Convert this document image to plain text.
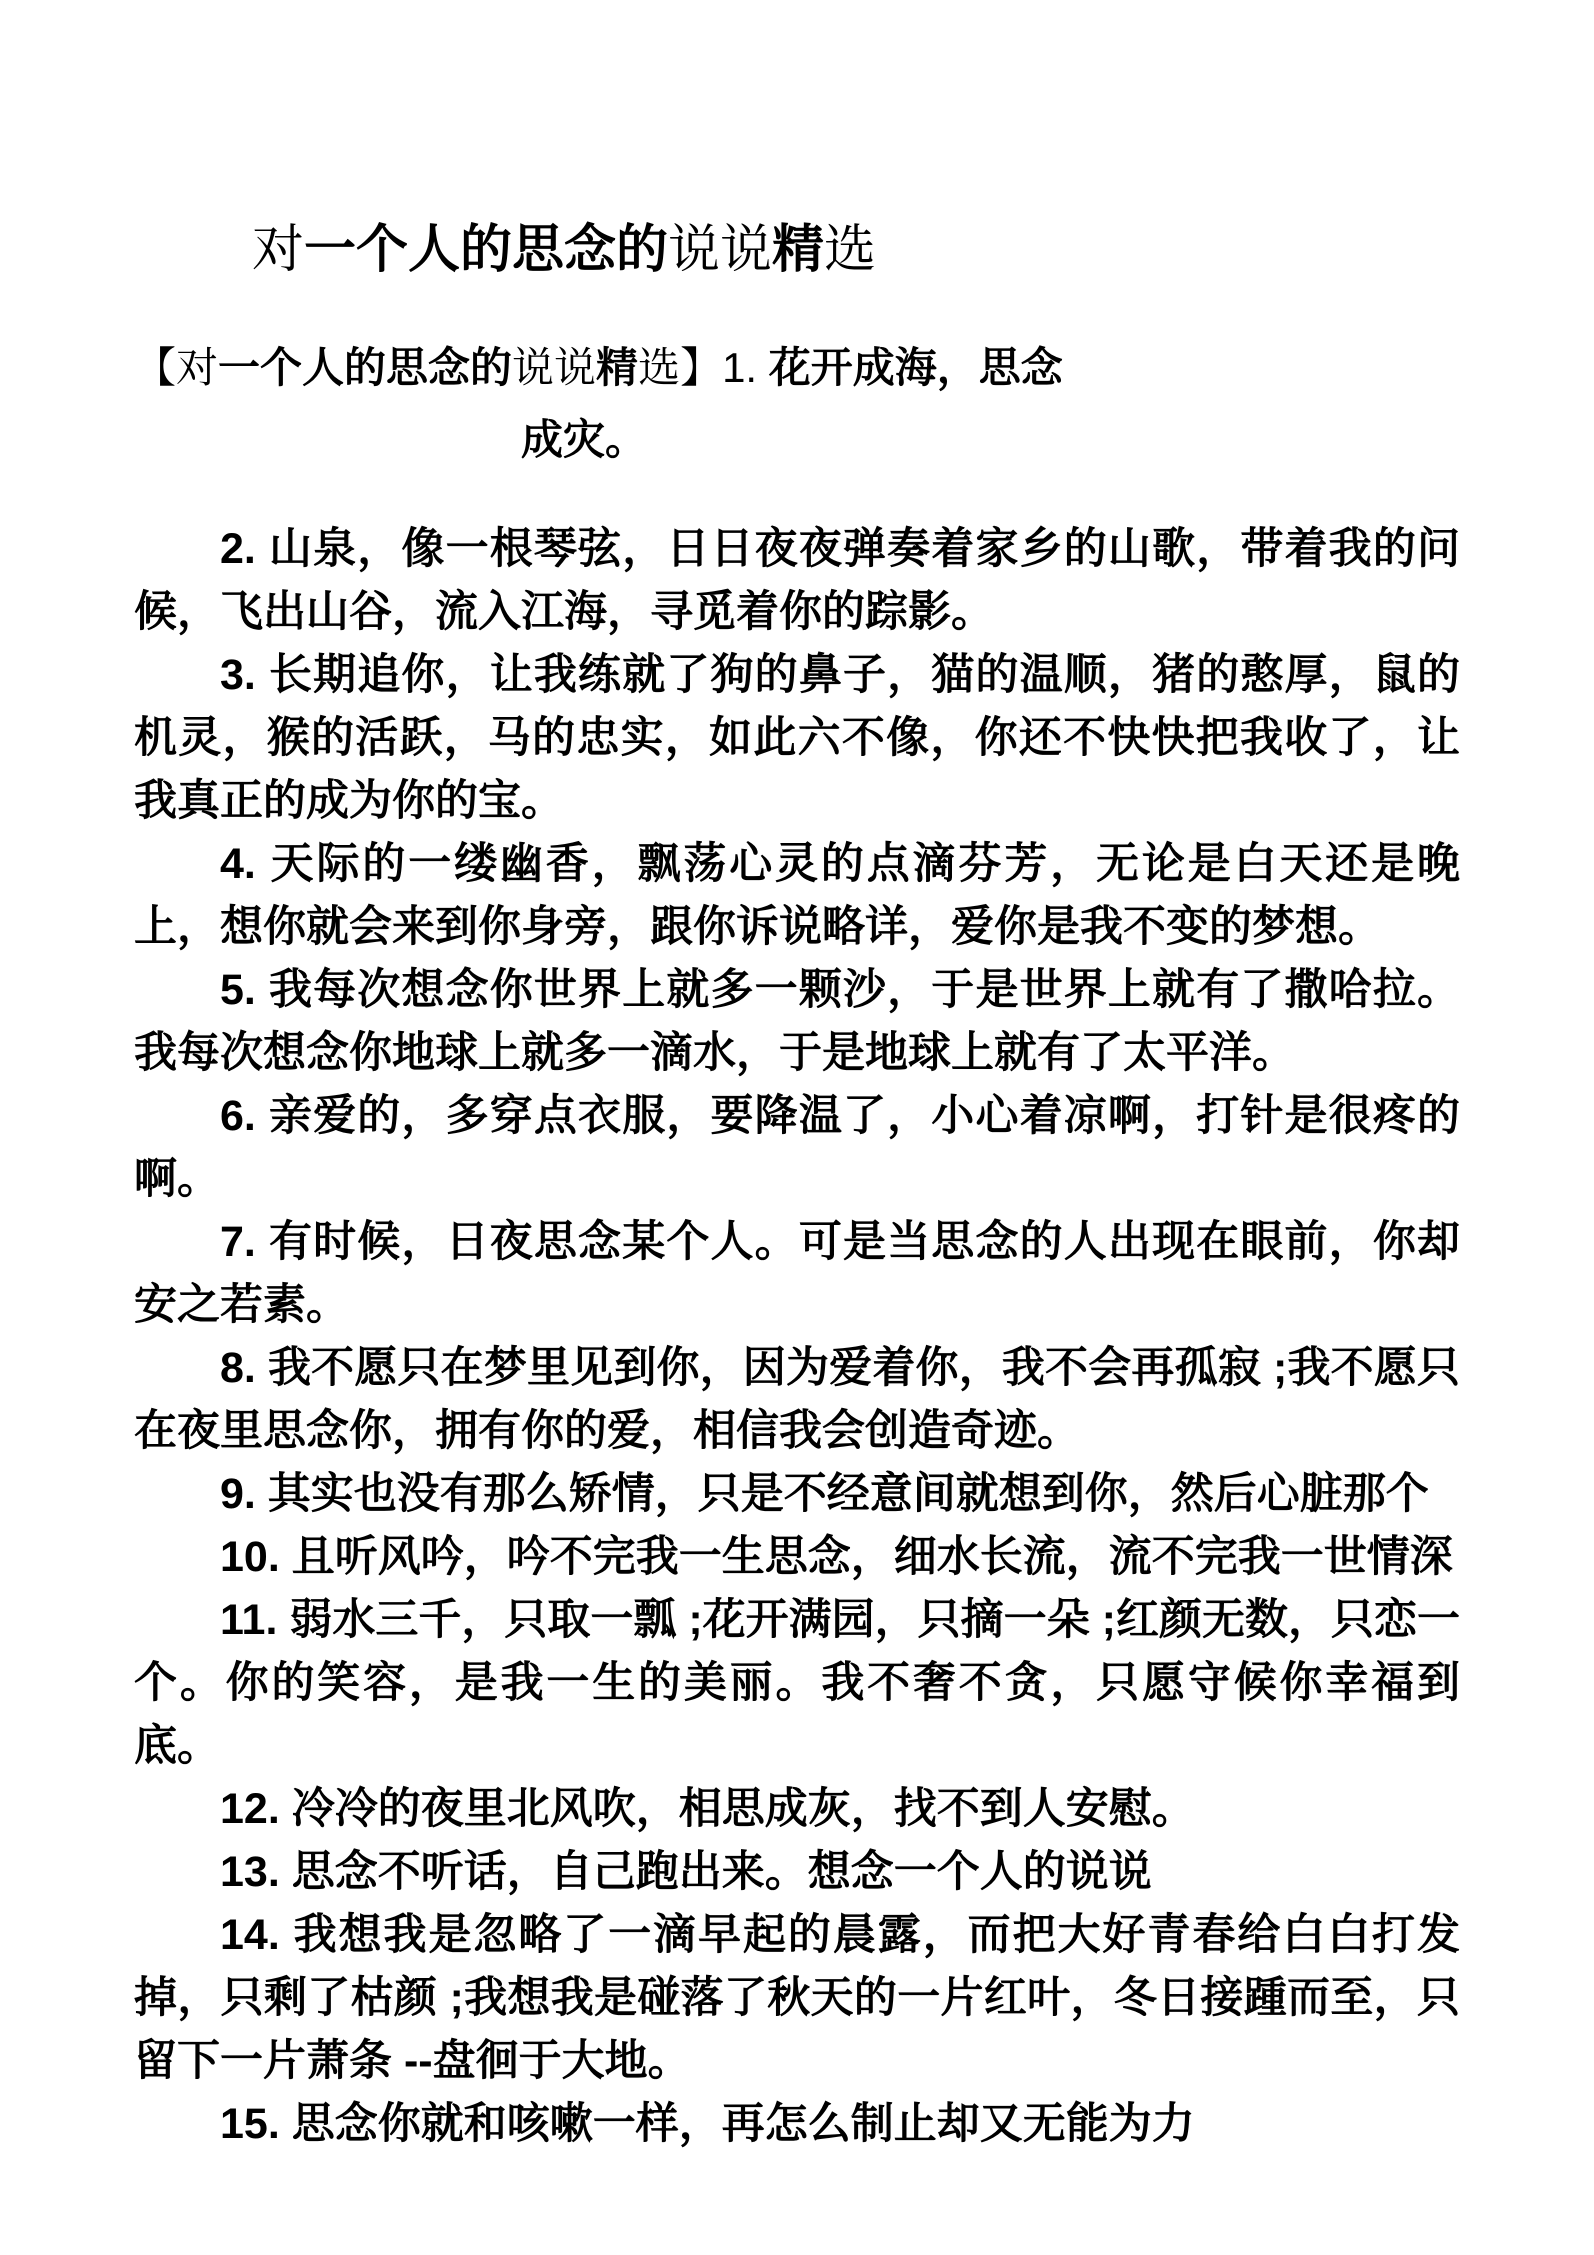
对一个人的思念的说说精选
【对一个人的思念的说说精选】1. 花开成海，思念
成灾。

2. 山泉，像一根琴弦，日日夜夜弹奏着家乡的山歌，带着我的问候，飞出山谷，流入江海，寻觅着你的踪影。

3. 长期追你，让我练就了狗的鼻子，猫的温顺，猪的憨厚，鼠的机灵，猴的活跃，马的忠实，如此六不像，你还不快快把我收了，让我真正的成为你的宝。

4. 天际的一缕幽香，飘荡心灵的点滴芬芳，无论是白天还是晚上，想你就会来到你身旁，跟你诉说略详，爱你是我不变的梦想。

5. 我每次想念你世界上就多一颗沙，于是世界上就有了撒哈拉。我每次想念你地球上就多一滴水，于是地球上就有了太平洋。

6. 亲爱的，多穿点衣服，要降温了，小心着凉啊，打针是很疼的啊。

7. 有时候，日夜思念某个人。可是当思念的人出现在眼前，你却安之若素。

8. 我不愿只在梦里见到你，因为爱着你，我不会再孤寂 ;我不愿只在夜里思念你，拥有你的爱，相信我会创造奇迹。

9. 其实也没有那么矫情，只是不经意间就想到你，然后心脏那个

10. 且听风吟，吟不完我一生思念，细水长流，流不完我一世情深

11. 弱水三千，只取一瓢 ;花开满园，只摘一朵 ;红颜无数，只恋一个。你的笑容，是我一生的美丽。我不奢不贪，只愿守候你幸福到底。

12. 冷冷的夜里北风吹，相思成灰，找不到人安慰。

13. 思念不听话，自己跑出来。想念一个人的说说

14. 我想我是忽略了一滴早起的晨露，而把大好青春给白白打发掉，只剩了枯颜 ;我想我是碰落了秋天的一片红叶，冬日接踵而至，只留下一片萧条 --盘徊于大地。

15. 思念你就和咳嗽一样，再怎么制止却又无能为力
